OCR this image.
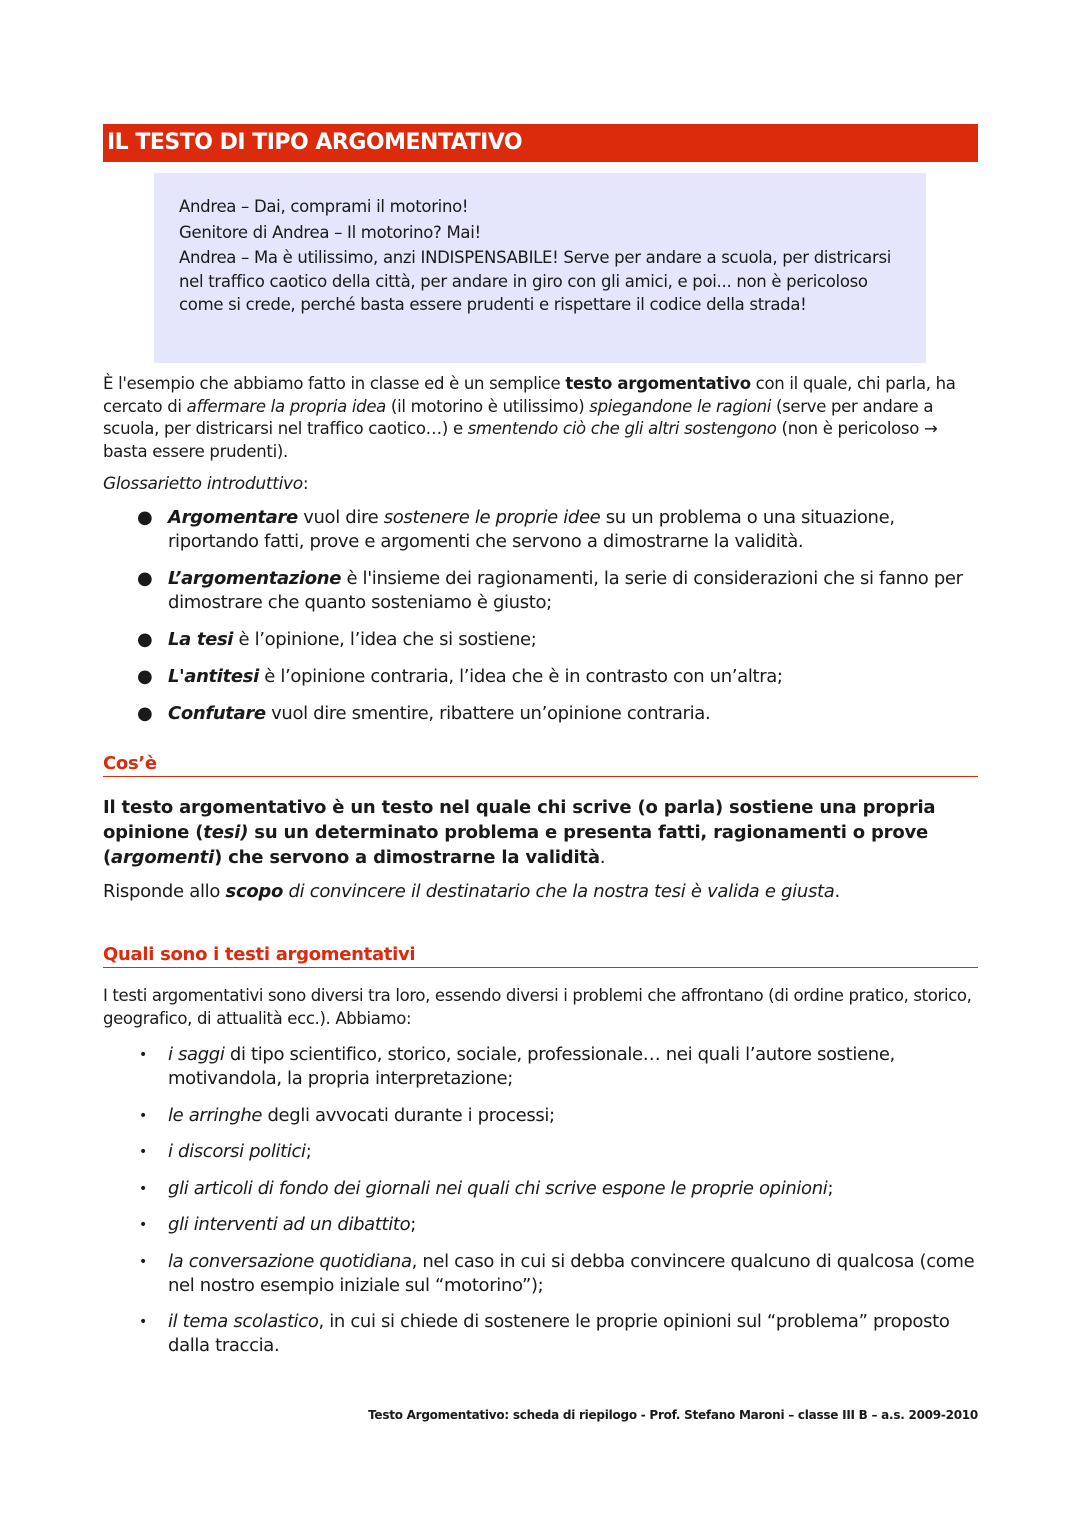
IL TESTO DI TIPO ARGOMENTATIVO

Andrea – Dai, comprami il motorino!

Genitore di Andrea – Il motorino? Mai!

Andrea – Ma è utilissimo, anzi INDISPENSABILE! Serve per andare a scuola, per districarsi nel traffico caotico della città, per andare in giro con gli amici, e poi... non è pericoloso come si crede, perché basta essere prudenti e rispettare il codice della strada!

È l'esempio che abbiamo fatto in classe ed è un semplice testo argomentativo con il quale, chi parla, ha cercato di affermare la propria idea (il motorino è utilissimo) spiegandone le ragioni (serve per andare a scuola, per districarsi nel traffico caotico…) e smentendo ciò che gli altri sostengono (non è pericoloso → basta essere prudenti).

Glossarietto introduttivo:
● Argomentare vuol dire sostenere le proprie idee su un problema o una situazione, riportando fatti, prove e argomenti che servono a dimostrarne la validità.
● L’argomentazione è l'insieme dei ragionamenti, la serie di considerazioni che si fanno per dimostrare che quanto sosteniamo è giusto;
● La tesi è l’opinione, l’idea che si sostiene;
● L'antitesi è l’opinione contraria, l’idea che è in contrasto con un’altra;
● Confutare vuol dire smentire, ribattere un’opinione contraria.
Cos’è
Il testo argomentativo è un testo nel quale chi scrive (o parla) sostiene una propria opinione (tesi) su un determinato problema e presenta fatti, ragionamenti o prove (argomenti) che servono a dimostrarne la validità.
Risponde allo scopo di convincere il destinatario che la nostra tesi è valida e giusta.
Quali sono i testi argomentativi
I testi argomentativi sono diversi tra loro, essendo diversi i problemi che affrontano (di ordine pratico, storico, geografico, di attualità ecc.). Abbiamo:
• i saggi di tipo scientifico, storico, sociale, professionale… nei quali l’autore sostiene, motivandola, la propria interpretazione;
• le arringhe degli avvocati durante i processi;
• i discorsi politici;
• gli articoli di fondo dei giornali nei quali chi scrive espone le proprie opinioni;
• gli interventi ad un dibattito;
• la conversazione quotidiana, nel caso in cui si debba convincere qualcuno di qualcosa (come nel nostro esempio iniziale sul “motorino”);
• il tema scolastico, in cui si chiede di sostenere le proprie opinioni sul “problema” proposto dalla traccia.
Testo Argomentativo: scheda di riepilogo - Prof. Stefano Maroni – classe III B – a.s. 2009-2010
